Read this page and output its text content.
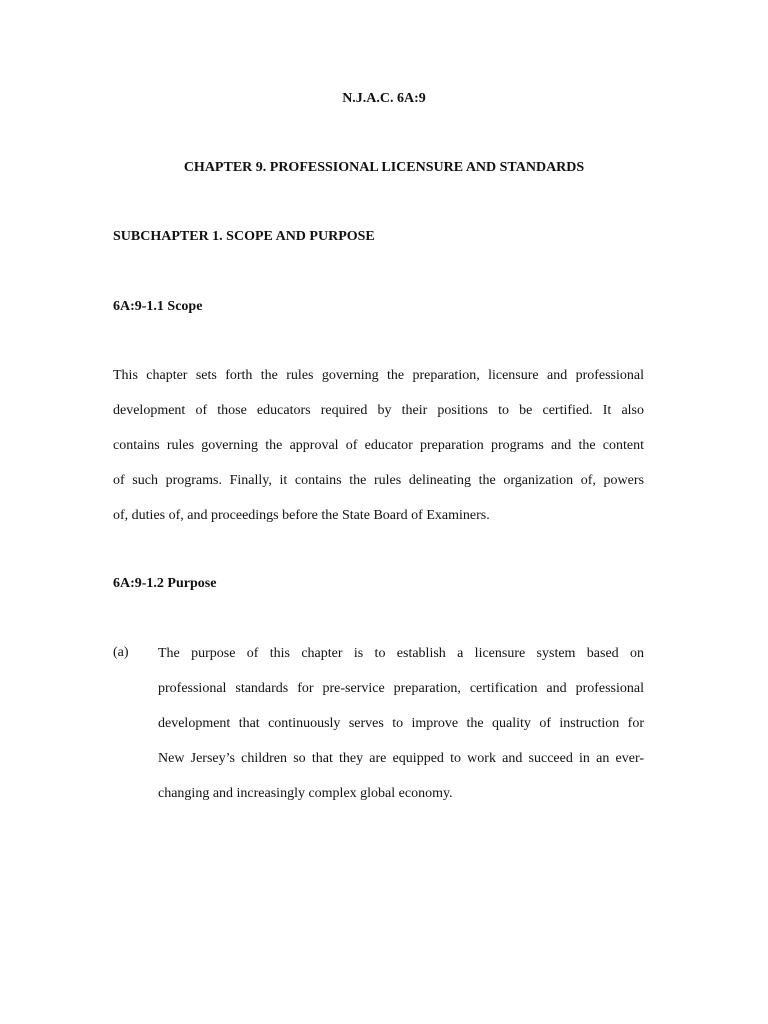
N.J.A.C. 6A:9
CHAPTER 9. PROFESSIONAL LICENSURE AND STANDARDS
SUBCHAPTER 1. SCOPE AND PURPOSE
6A:9-1.1 Scope
This chapter sets forth the rules governing the preparation, licensure and professional
development of those educators required by their positions to be certified. It also
contains rules governing the approval of educator preparation programs and the content
of such programs. Finally, it contains the rules delineating the organization of, powers
of, duties of, and proceedings before the State Board of Examiners.
6A:9-1.2 Purpose
(a) The purpose of this chapter is to establish a licensure system based on
professional standards for pre-service preparation, certification and professional
development that continuously serves to improve the quality of instruction for
New Jersey’s children so that they are equipped to work and succeed in an ever-
changing and increasingly complex global economy.
